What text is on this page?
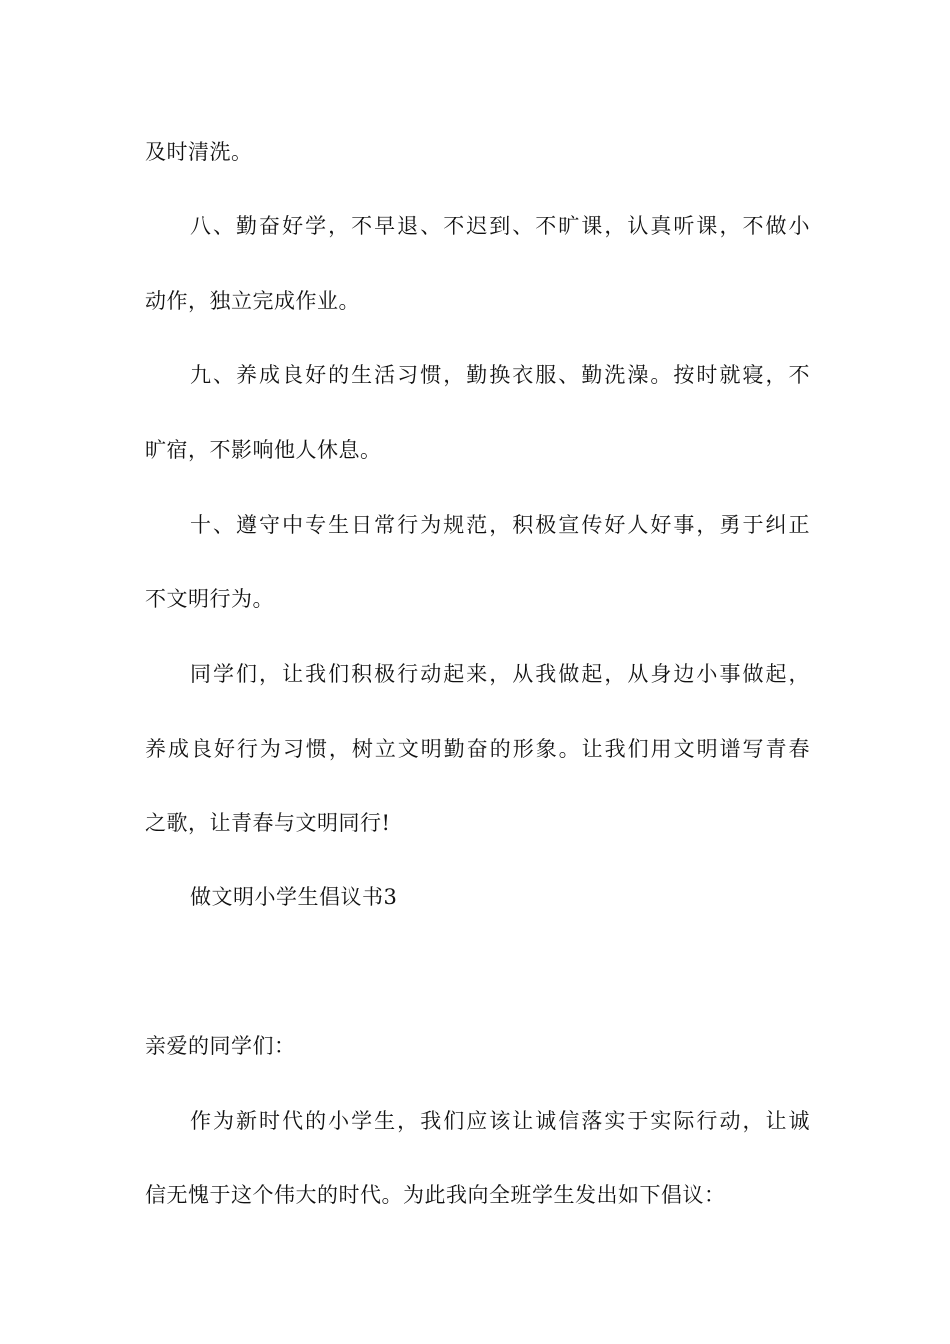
及时清洗。
八、勤奋好学，不早退、不迟到、不旷课，认真听课，不做小
动作，独立完成作业。
九、养成良好的生活习惯，勤换衣服、勤洗澡。按时就寝，不
旷宿，不影响他人休息。
十、遵守中专生日常行为规范，积极宣传好人好事，勇于纠正
不文明行为。
同学们，让我们积极行动起来，从我做起，从身边小事做起，
养成良好行为习惯，树立文明勤奋的形象。让我们用文明谱写青春
之歌，让青春与文明同行!
做文明小学生倡议书3
亲爱的同学们：
作为新时代的小学生，我们应该让诚信落实于实际行动，让诚
信无愧于这个伟大的时代。为此我向全班学生发出如下倡议：
